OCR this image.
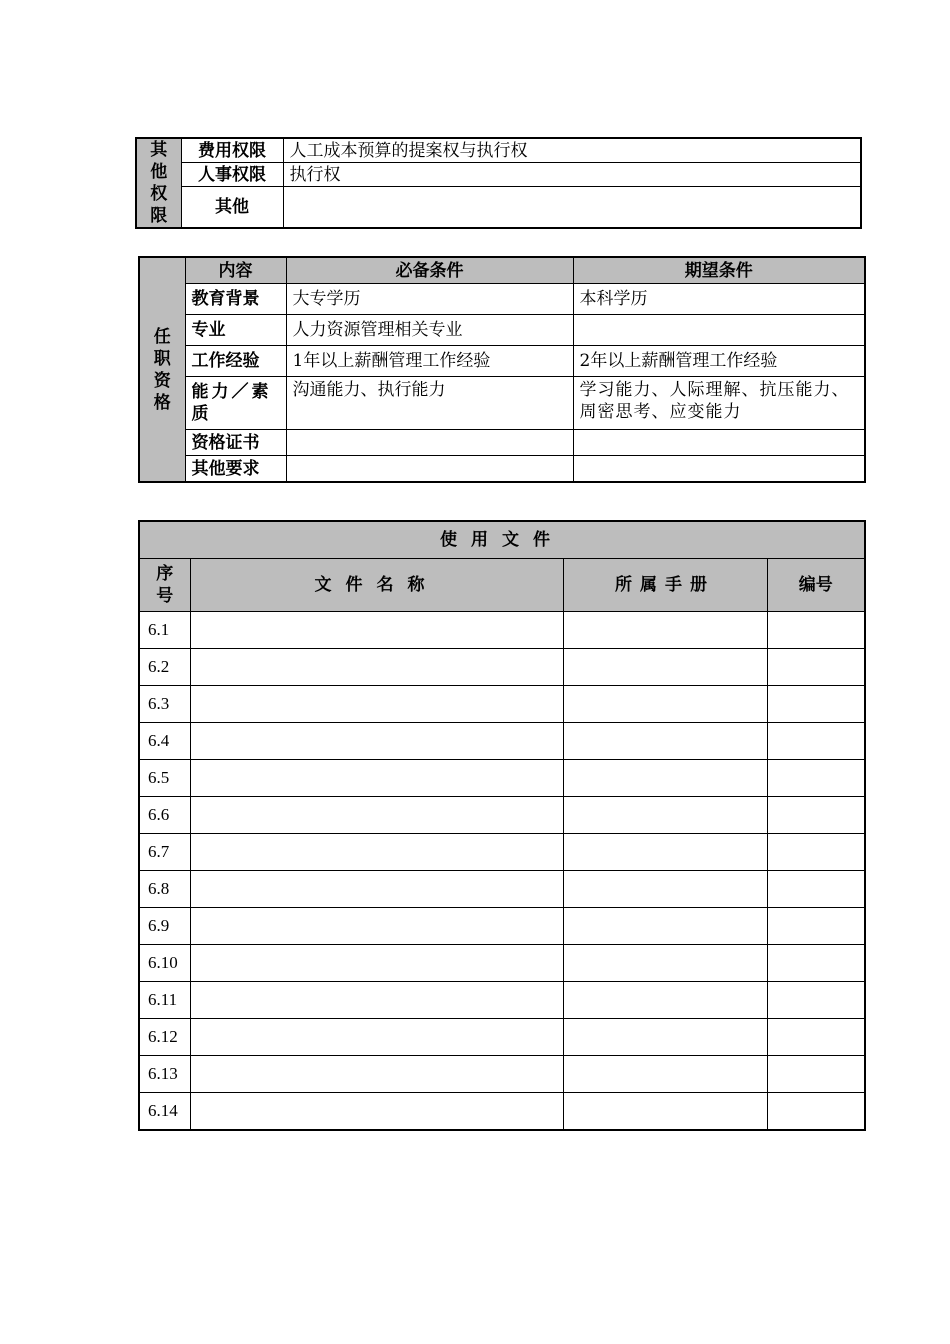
其他权限	费用权限	人工成本预算的提案权与执行权
	人事权限	执行权
	其他	
任职资格	内容	必备条件	期望条件
	教育背景	大专学历	本科学历
	专业	人力资源管理相关专业	
	工作经验	1年以上薪酬管理工作经验	2年以上薪酬管理工作经验
	能力／素质	沟通能力、执行能力	学习能力、人际理解、抗压能力、周密思考、应变能力
	资格证书		
	其他要求		
使用文件			
序号	文件名称	所属手册	编号
6.1			
6.2			
6.3			
6.4			
6.5			
6.6			
6.7			
6.8			
6.9			
6.10			
6.11			
6.12			
6.13			
6.14			
